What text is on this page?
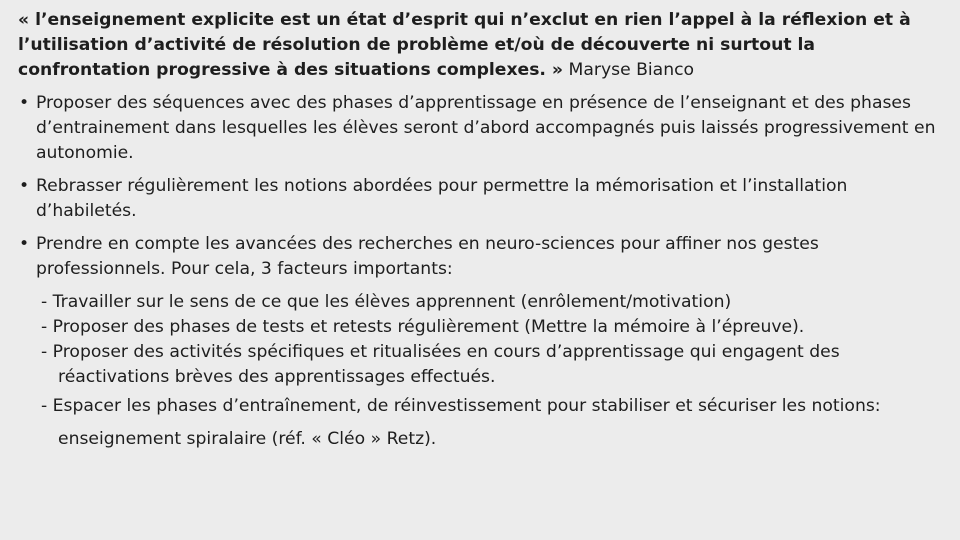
« l’enseignement explicite est un état d’esprit qui n’exclut en rien l’appel à la réflexion et à l’utilisation d’activité de résolution de problème et/où de découverte ni surtout la confrontation progressive à des situations complexes. » Maryse Bianco

• Proposer des séquences avec des phases d’apprentissage en présence de l’enseignant et des phases d’entrainement dans lesquelles les élèves seront d’abord accompagnés puis laissés progressivement en autonomie.
• Rebrasser régulièrement les notions abordées pour permettre la mémorisation et l’installation d’habiletés.
• Prendre en compte les avancées des recherches en neuro-sciences pour affiner nos gestes professionnels. Pour cela, 3 facteurs importants:
- Travailler sur le sens de ce que les élèves apprennent (enrôlement/motivation)
- Proposer des phases de tests et retests régulièrement (Mettre la mémoire à l’épreuve).
- Proposer des activités spécifiques et ritualisées en cours d’apprentissage qui engagent des réactivations brèves des apprentissages effectués.
- Espacer les phases d’entraînement, de réinvestissement pour stabiliser et sécuriser les notions: enseignement spiralaire (réf. « Cléo » Retz).
